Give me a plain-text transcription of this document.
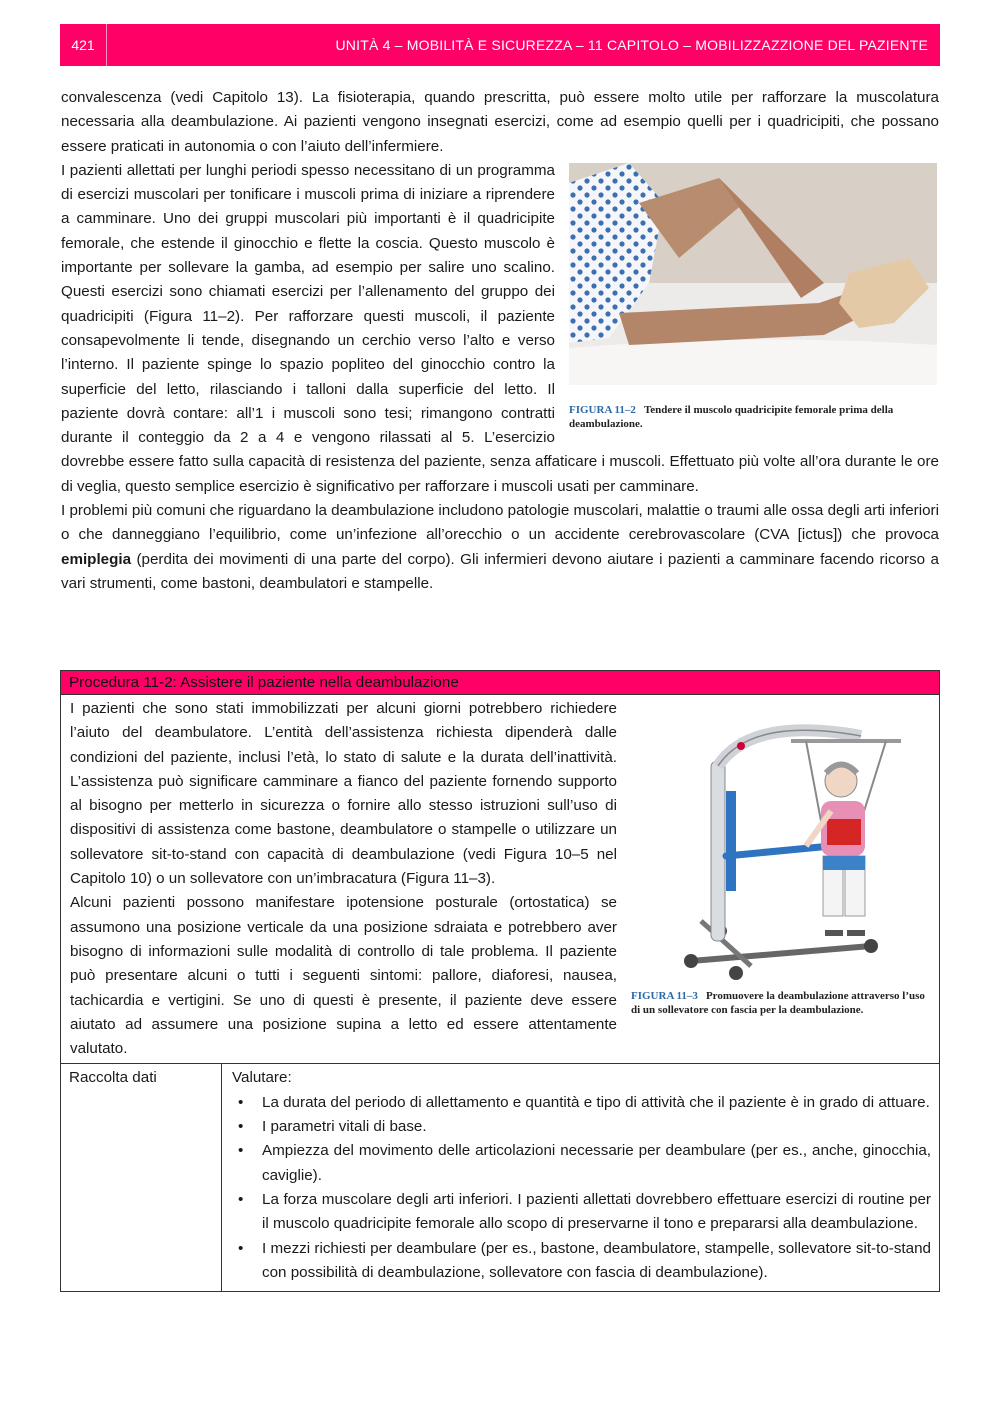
421	UNITÀ 4 – MOBILITÀ E SICUREZZA – 11 CAPITOLO – MOBILIZZAZZIONE DEL PAZIENTE

convalescenza (vedi Capitolo 13). La fisioterapia, quando prescritta, può essere molto utile per rafforzare la muscolatura necessaria alla deambulazione. Ai pazienti vengono insegnati esercizi, come ad esempio quelli per i quadricipiti, che possano essere praticati in autonomia o con l’aiuto dell’infermiere.

FIGURA 11–2 Tendere il muscolo quadricipite femorale prima della deambulazione.

I pazienti allettati per lunghi periodi spesso necessitano di un programma di esercizi muscolari per tonificare i muscoli prima di iniziare a riprendere a camminare. Uno dei gruppi muscolari più importanti è il quadricipite femorale, che estende il ginocchio e flette la coscia. Questo muscolo è importante per sollevare la gamba, ad esempio per salire uno scalino. Questi esercizi sono chiamati esercizi per l’allenamento del gruppo dei quadricipiti (Figura 11–2). Per rafforzare questi muscoli, il paziente consapevolmente li tende, disegnando un cerchio verso l’alto e verso l’interno. Il paziente spinge lo spazio popliteo del ginocchio contro la superficie del letto, rilasciando i talloni dalla superficie del letto. Il paziente dovrà contare: all’1 i muscoli sono tesi; rimangono contratti durante il conteggio da 2 a 4 e vengono rilassati al 5. L’esercizio dovrebbe essere fatto sulla capacità di resistenza del paziente, senza affaticare i muscoli. Effettuato più volte all’ora durante le ore di veglia, questo semplice esercizio è significativo per rafforzare i muscoli usati per camminare.

I problemi più comuni che riguardano la deambulazione includono patologie muscolari, malattie o traumi alle ossa degli arti inferiori o che danneggiano l’equilibrio, come un’infezione all’orecchio o un accidente cerebrovascolare (CVA [ictus]) che provoca emiplegia (perdita dei movimenti di una parte del corpo). Gli infermieri devono aiutare i pazienti a camminare facendo ricorso a vari strumenti, come bastoni, deambulatori e stampelle.

Procedura 11-2: Assistere il paziente nella deambulazione
FIGURA 11–3 Promuovere la deambulazione attraverso l’uso di un sollevatore con fascia per la deambulazione.

I pazienti che sono stati immobilizzati per alcuni giorni potrebbero richiedere l’aiuto del deambulatore. L’entità dell’assistenza richiesta dipenderà dalle condizioni del paziente, inclusi l’età, lo stato di salute e la durata dell’inattività. L’assistenza può significare camminare a fianco del paziente fornendo supporto al bisogno per metterlo in sicurezza o fornire allo stesso istruzioni sull’uso di dispositivi di assistenza come bastone, deambulatore o stampelle o utilizzare un sollevatore sit-to-stand con capacità di deambulazione (vedi Figura 10–5 nel Capitolo 10) o un sollevatore con un’imbracatura (Figura 11–3).

Alcuni pazienti possono manifestare ipotensione posturale (ortostatica) se assumono una posizione verticale da una posizione sdraiata e potrebbero aver bisogno di informazioni sulle modalità di controllo di tale problema. Il paziente può presentare alcuni o tutti i seguenti sintomi: pallore, diaforesi, nausea, tachicardia e vertigini. Se uno di questi è presente, il paziente deve essere aiutato ad assumere una posizione supina a letto ed essere attentamente valutato.

Raccolta dati	Valutare:
• La durata del periodo di allettamento e quantità e tipo di attività che il paziente è in grado di attuare.
• I parametri vitali di base.
• Ampiezza del movimento delle articolazioni necessarie per deambulare (per es., anche, ginocchia, caviglie).
• La forza muscolare degli arti inferiori. I pazienti allettati dovrebbero effettuare esercizi di routine per il muscolo quadricipite femorale allo scopo di preservarne il tono e prepararsi alla deambulazione.
• I mezzi richiesti per deambulare (per es., bastone, deambulatore, stampelle, sollevatore sit-to-stand con possibilità di deambulazione, sollevatore con fascia di deambulazione).
